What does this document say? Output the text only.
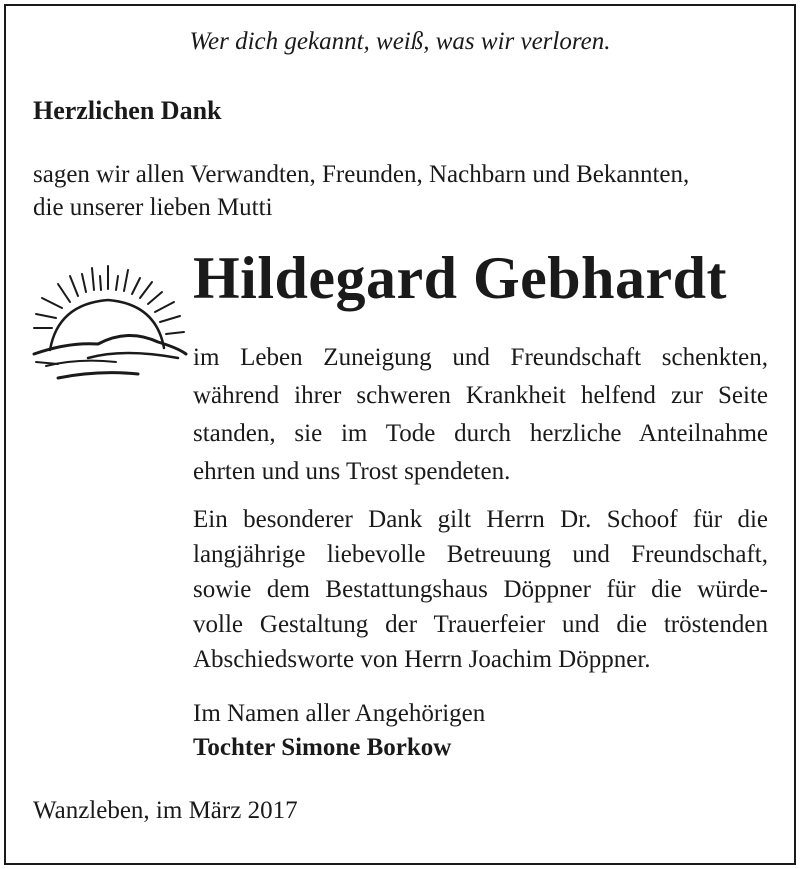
Wer dich gekannt, weiß, was wir verloren.
Herzlichen Dank
sagen wir allen Verwandten, Freunden, Nachbarn und Bekannten,
die unserer lieben Mutti
Hildegard Gebhardt
im Leben Zuneigung und Freundschaft schenkten,
während ihrer schweren Krankheit helfend zur Seite
standen, sie im Tode durch herzliche Anteilnahme
ehrten und uns Trost spendeten.
Ein besonderer Dank gilt Herrn Dr. Schoof für die
langjährige liebevolle Betreuung und Freundschaft,
sowie dem Bestattungshaus Döppner für die würde-
volle Gestaltung der Trauerfeier und die tröstenden
Abschiedsworte von Herrn Joachim Döppner.
Im Namen aller Angehörigen
Tochter Simone Borkow
Wanzleben, im März 2017
